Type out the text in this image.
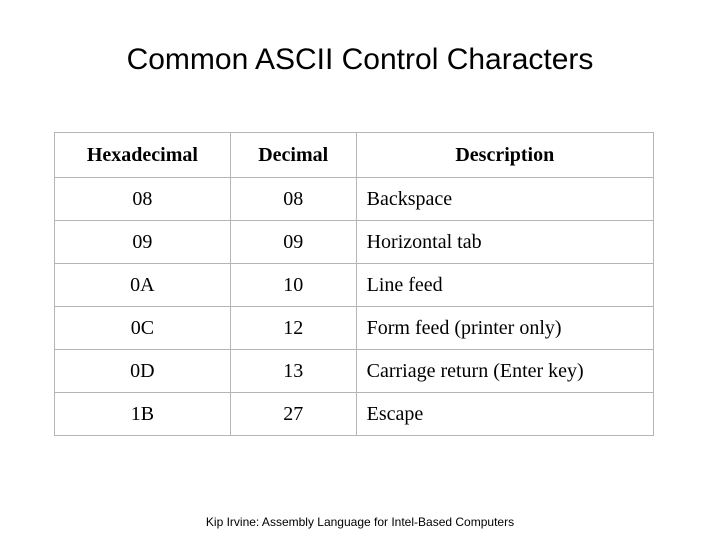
Common ASCII Control Characters
Hexadecimal	Decimal	Description
08	08	Backspace
09	09	Horizontal tab
0A	10	Line feed
0C	12	Form feed (printer only)
0D	13	Carriage return (Enter key)
1B	27	Escape
Kip Irvine: Assembly Language for Intel-Based Computers
